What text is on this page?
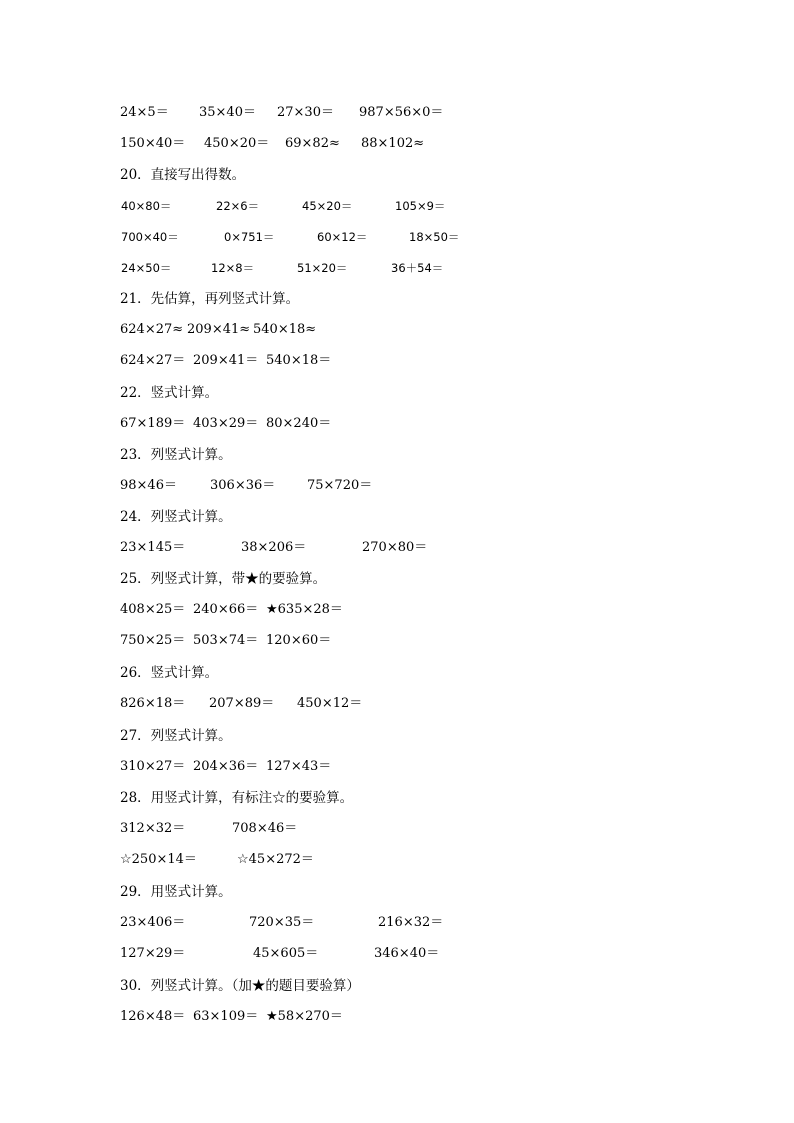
24×5＝ 35×40＝ 27×30＝ 987×56×0＝
150×40＝ 450×20＝ 69×82≈ 88×102≈
20．直接写出得数。
40×80＝	22×6＝	45×20＝	105×9＝
700×40＝	0×751＝	60×12＝	18×50＝
24×50＝	12×8＝	51×20＝	36＋54＝
21．先估算，再列竖式计算。
624×27≈ 209×41≈ 540×18≈
624×27＝ 209×41＝ 540×18＝
22．竖式计算。
67×189＝ 403×29＝ 80×240＝
23．列竖式计算。
98×46＝	306×36＝ 75×720＝
24．列竖式计算。
23×145＝	38×206＝	270×80＝
25．列竖式计算，带★的要验算。
408×25＝ 240×66＝ ★635×28＝
750×25＝ 503×74＝ 120×60＝
26．竖式计算。
826×18＝ 207×89＝ 450×12＝
27．列竖式计算。
310×27＝ 204×36＝ 127×43＝
28．用竖式计算，有标注☆的要验算。
312×32＝	708×46＝
☆250×14＝	☆45×272＝
29．用竖式计算。
23×406＝	720×35＝	216×32＝
127×29＝	45×605＝	346×40＝
30．列竖式计算。（加★的题目要验算）
126×48＝ 63×109＝ ★58×270＝
